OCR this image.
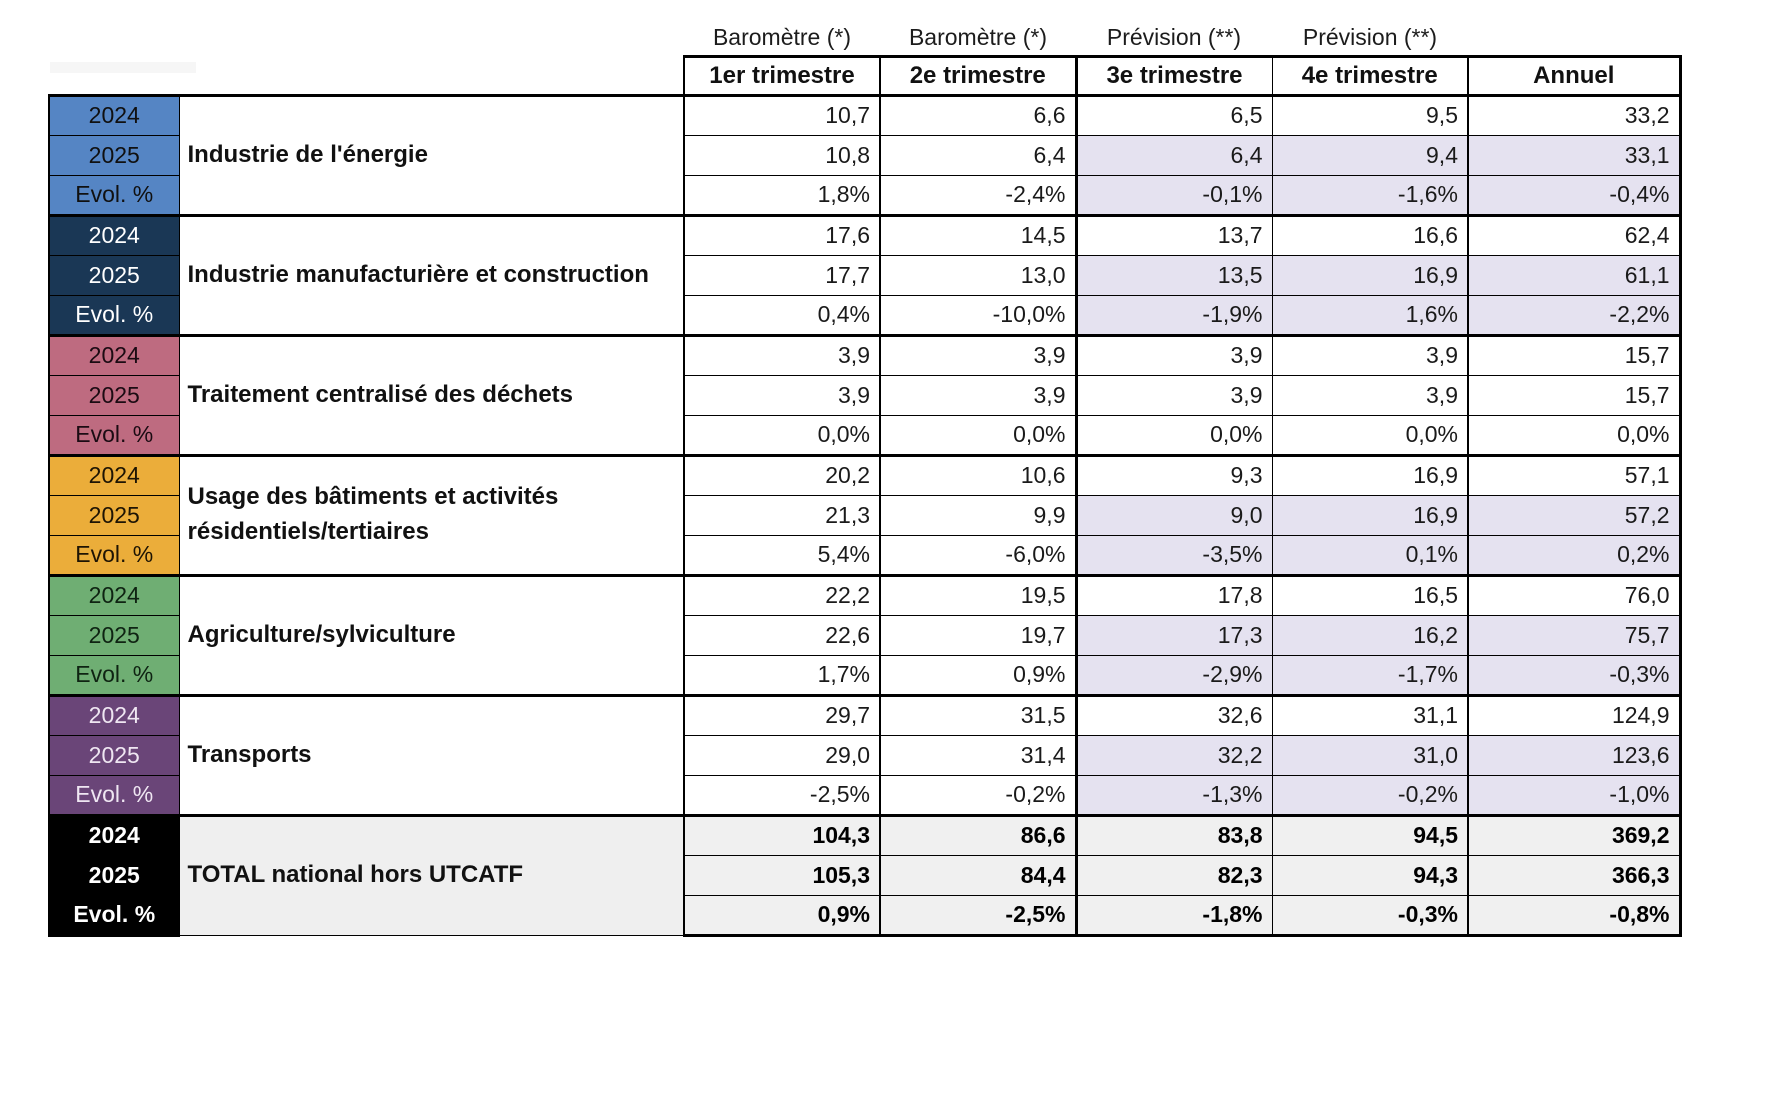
		Baromètre (*)	Baromètre (*)	Prévision (**)	Prévision (**)	
		1er trimestre	2e trimestre	3e trimestre	4e trimestre	Annuel
2024	Industrie de l'énergie	10,7	6,6	6,5	9,5	33,2
2025		10,8	6,4	6,4	9,4	33,1
Evol. %		1,8%	-2,4%	-0,1%	-1,6%	-0,4%
2024	Industrie manufacturière et construction	17,6	14,5	13,7	16,6	62,4
2025		17,7	13,0	13,5	16,9	61,1
Evol. %		0,4%	-10,0%	-1,9%	1,6%	-2,2%
2024	Traitement centralisé des déchets	3,9	3,9	3,9	3,9	15,7
2025		3,9	3,9	3,9	3,9	15,7
Evol. %		0,0%	0,0%	0,0%	0,0%	0,0%
2024	Usage des bâtiments et activités résidentiels/tertiaires	20,2	10,6	9,3	16,9	57,1
2025		21,3	9,9	9,0	16,9	57,2
Evol. %		5,4%	-6,0%	-3,5%	0,1%	0,2%
2024	Agriculture/sylviculture	22,2	19,5	17,8	16,5	76,0
2025		22,6	19,7	17,3	16,2	75,7
Evol. %		1,7%	0,9%	-2,9%	-1,7%	-0,3%
2024	Transports	29,7	31,5	32,6	31,1	124,9
2025		29,0	31,4	32,2	31,0	123,6
Evol. %		-2,5%	-0,2%	-1,3%	-0,2%	-1,0%
2024	TOTAL national hors UTCATF	104,3	86,6	83,8	94,5	369,2
2025		105,3	84,4	82,3	94,3	366,3
Evol. %		0,9%	-2,5%	-1,8%	-0,3%	-0,8%
